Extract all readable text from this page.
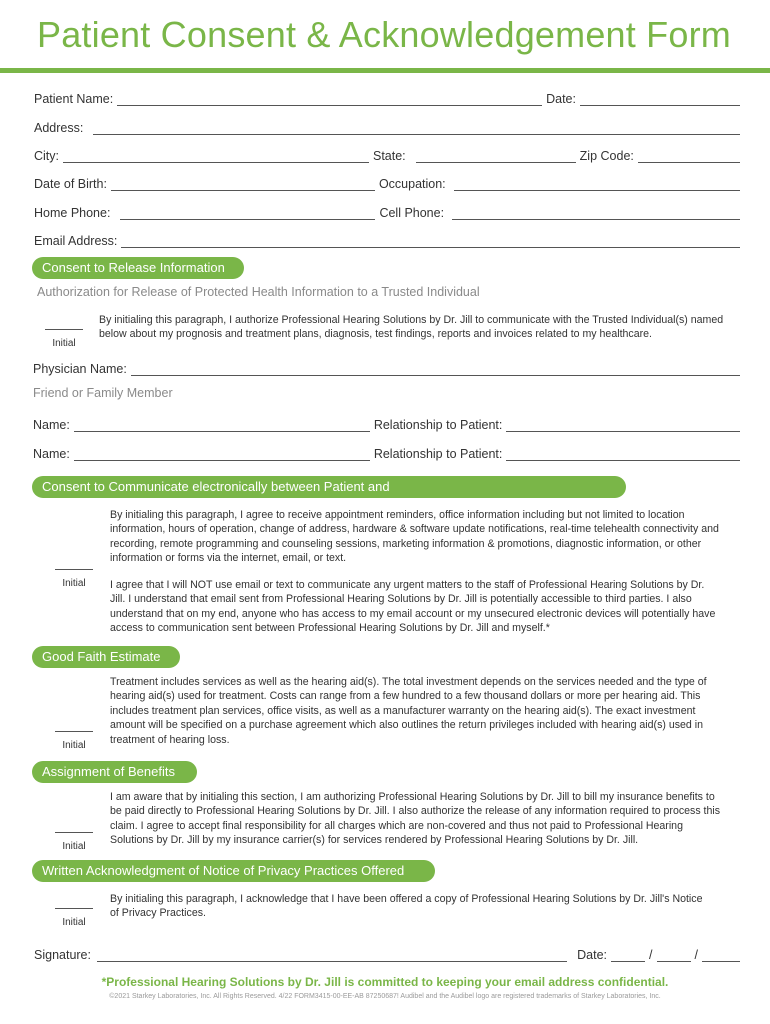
Patient Consent & Acknowledgement Form
Patient Name:	Date:
Address:
City:	State:	Zip Code:
Date of Birth:	Occupation:
Home Phone:	Cell Phone:
Email Address:
Consent to Release Information
Authorization for Release of Protected Health Information to a Trusted Individual
Initial

By initialing this paragraph, I authorize Professional Hearing Solutions by Dr. Jill to communicate with the Trusted Individual(s) named below about my prognosis and treatment plans, diagnosis, test findings, reports and invoices related to my healthcare.

Physician Name:
Friend or Family Member
Name:	Relationship to Patient:
Name:	Relationship to Patient:
Consent to Communicate electronically between Patient and
Initial

By initialing this paragraph, I agree to receive appointment reminders, office information including but not limited to location information, hours of operation, change of address, hardware & software update notifications, real-time telehealth connectivity and recording, remote programming and counseling sessions, marketing information & promotions, diagnostic information, or other information or forms via the internet, email, or text.

I agree that I will NOT use email or text to communicate any urgent matters to the staff of Professional Hearing Solutions by Dr. Jill. I understand that email sent from Professional Hearing Solutions by Dr. Jill is potentially accessible to third parties. I also understand that on my end, anyone who has access to my email account or my unsecured electronic devices will potentially have access to communication sent between Professional Hearing Solutions by Dr. Jill and myself.*

Good Faith Estimate
Initial

Treatment includes services as well as the hearing aid(s). The total investment depends on the services needed and the type of hearing aid(s) used for treatment. Costs can range from a few hundred to a few thousand dollars or more per hearing aid. This includes treatment plan services, office visits, as well as a manufacturer warranty on the hearing aid(s). The exact investment amount will be specified on a purchase agreement which also outlines the return privileges included with hearing aid(s) used in treatment of hearing loss.

Assignment of Benefits
Initial

I am aware that by initialing this section, I am authorizing Professional Hearing Solutions by Dr. Jill to bill my insurance benefits to be paid directly to Professional Hearing Solutions by Dr. Jill. I also authorize the release of any information required to process this claim. I agree to accept final responsibility for all charges which are non-covered and thus not paid to Professional Hearing Solutions by Dr. Jill by my insurance carrier(s) for services rendered by Professional Hearing Solutions by Dr. Jill.

Written Acknowledgment of Notice of Privacy Practices Offered
Initial

By initialing this paragraph, I acknowledge that I have been offered a copy of Professional Hearing Solutions by Dr. Jill's Notice of Privacy Practices.

Signature:	Date:	/	/
*Professional Hearing Solutions by Dr. Jill is committed to keeping your email address confidential.
©2021 Starkey Laboratories, Inc. All Rights Reserved. 4/22 FORM3415-00-EE-AB 87250687! Audibel and the Audibel logo are registered trademarks of Starkey Laboratories, Inc.
